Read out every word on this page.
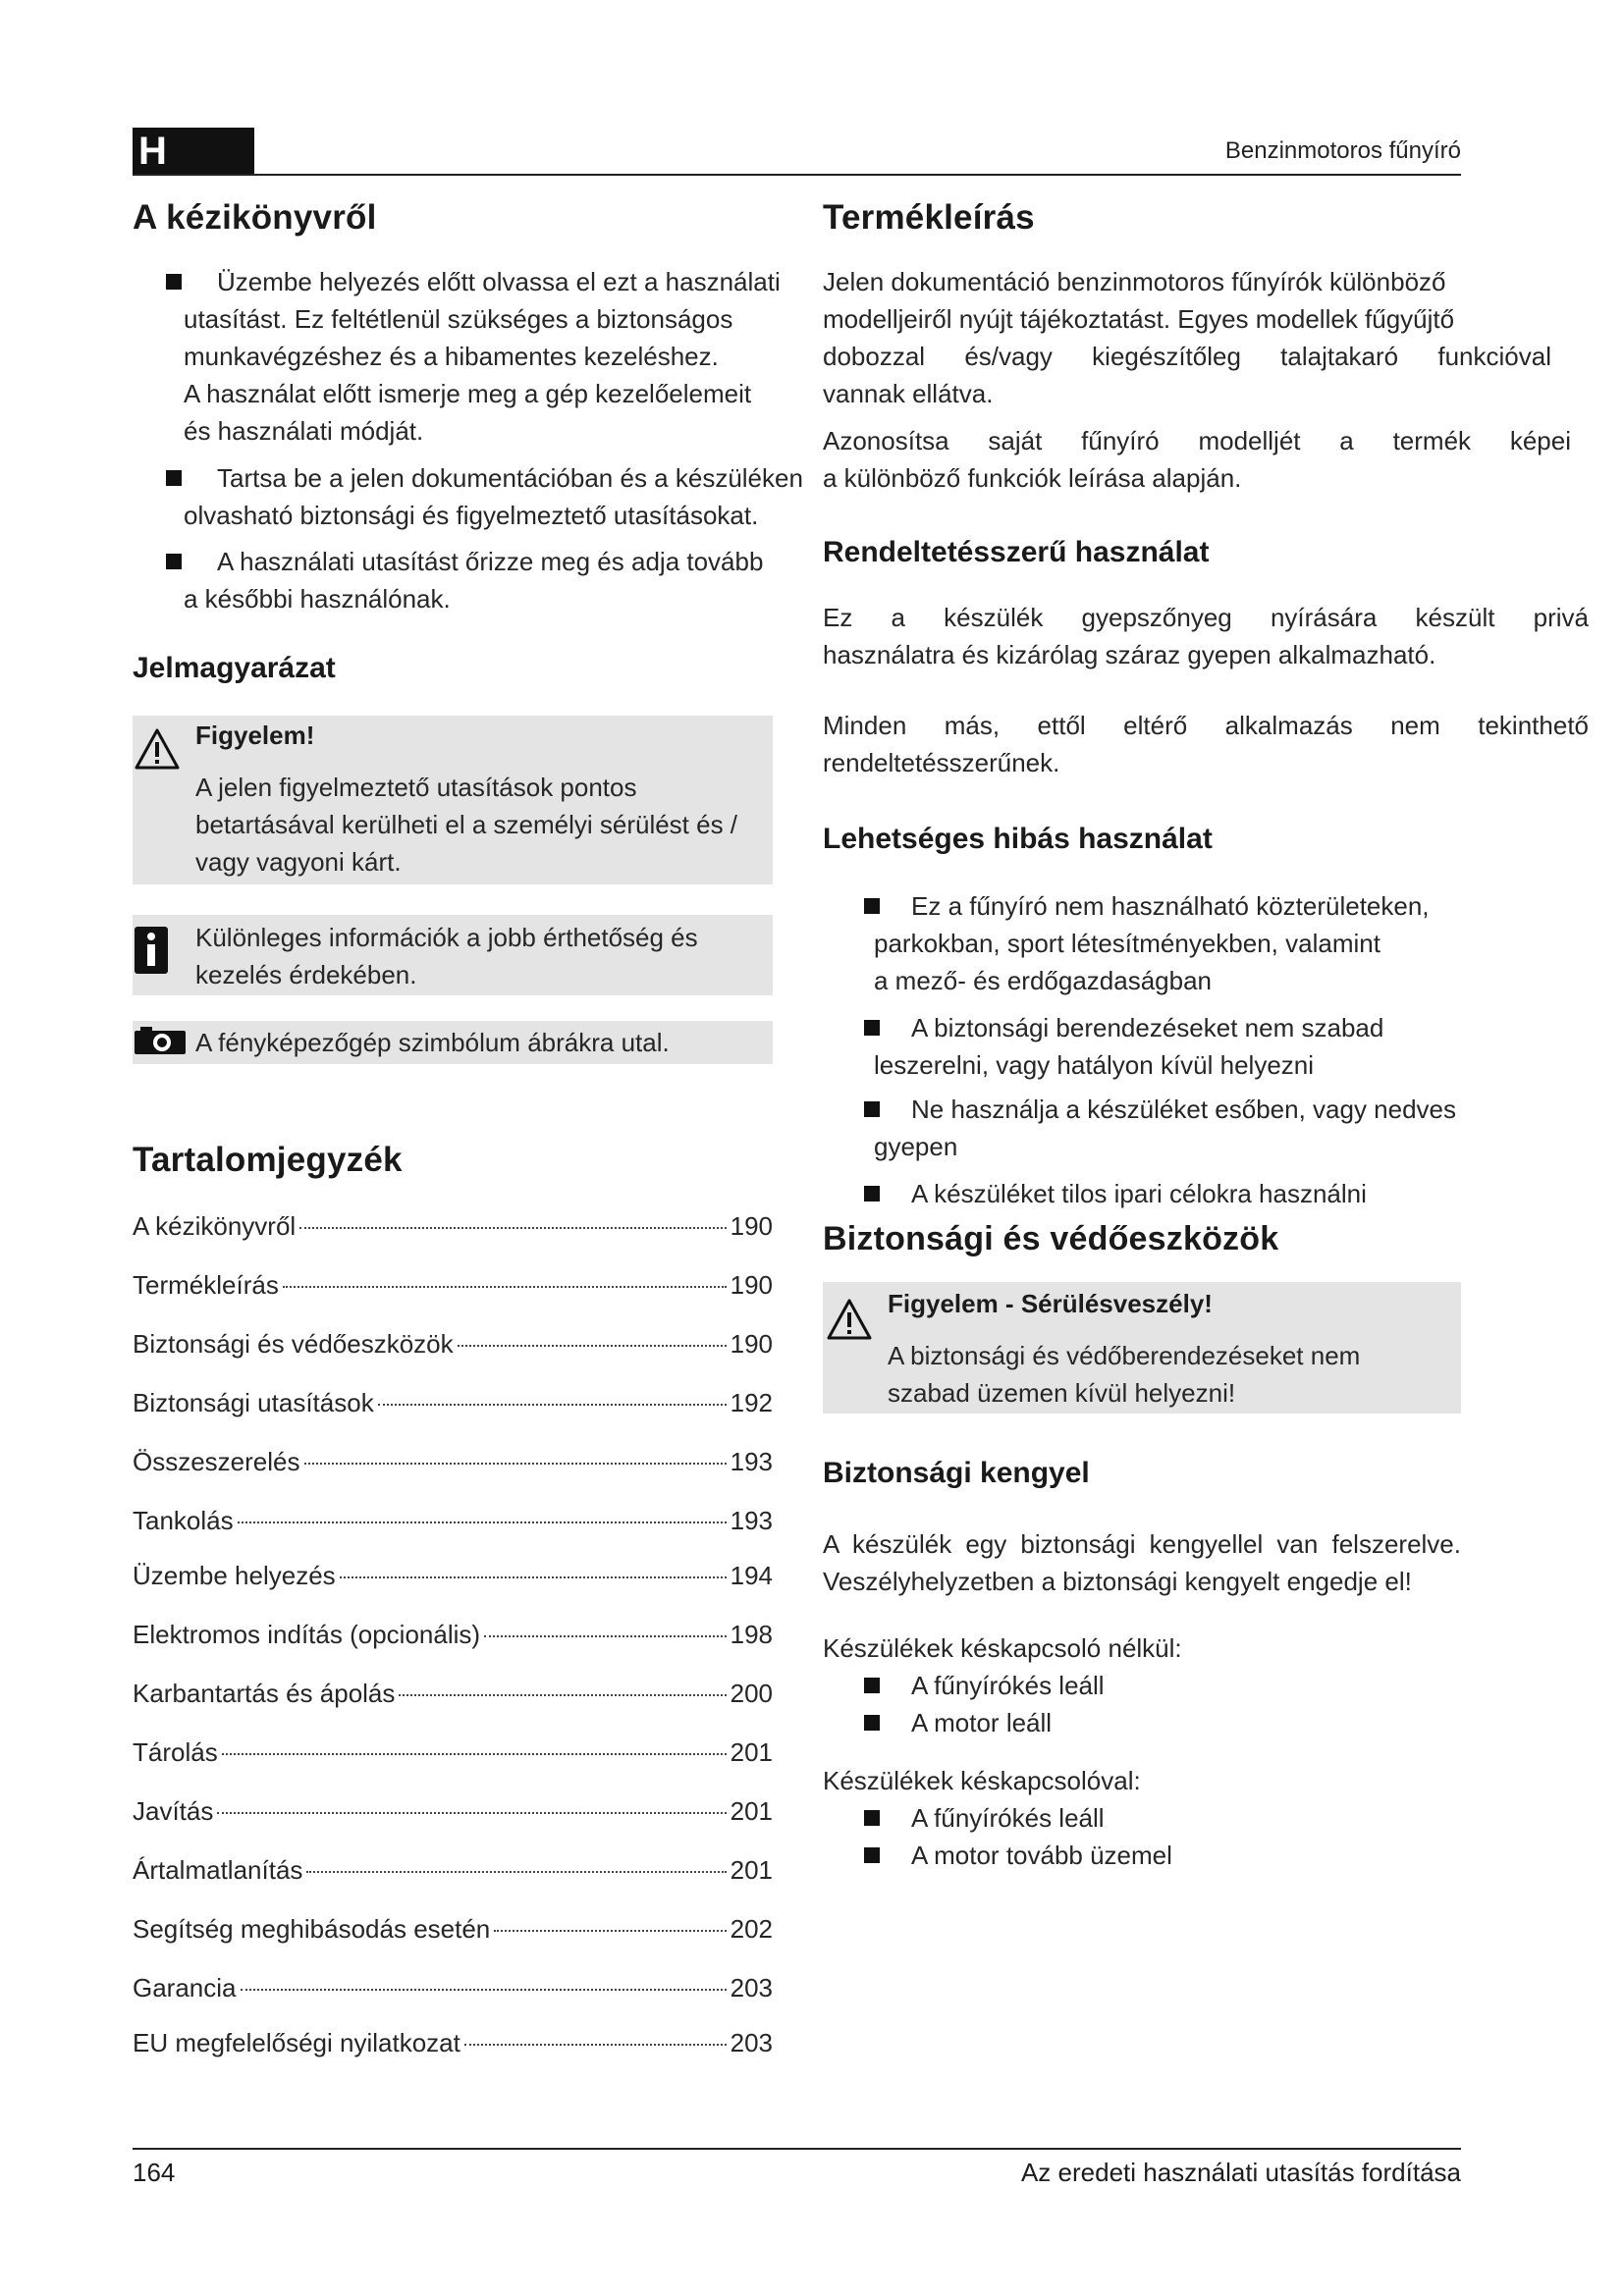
H	Benzinmotoros fűnyíró
A kézikönyvről
Üzembe helyezés előtt olvassa el ezt a használati
utasítást. Ez feltétlenül szükséges a biztonságos
munkavégzéshez és a hibamentes kezeléshez.
A használat előtt ismerje meg a gép kezelőelemeit
és használati módját.
Tartsa be a jelen dokumentációban és a készüléken
olvasható biztonsági és figyelmeztető utasításokat.
A használati utasítást őrizze meg és adja tovább
a későbbi használónak.
Jelmagyarázat
Figyelem!
A jelen figyelmeztető utasítások pontos
betartásával kerülheti el a személyi sérülést és /
vagy vagyoni kárt.
Különleges információk a jobb érthetőség és
kezelés érdekében.
A fényképezőgép szimbólum ábrákra utal.
Tartalomjegyzék
A kézikönyvről	190
Termékleírás	190
Biztonsági és védőeszközök	190
Biztonsági utasítások	192
Összeszerelés	193
Tankolás	193
Üzembe helyezés	194
Elektromos indítás (opcionális)	198
Karbantartás és ápolás	200
Tárolás	201
Javítás	201
Ártalmatlanítás	201
Segítség meghibásodás esetén	202
Garancia	203
EU megfelelőségi nyilatkozat	203
Termékleírás
Jelen dokumentáció benzinmotoros fűnyírók különböző
modelljeiről nyújt tájékoztatást. Egyes modellek fűgyűjtő
dobozzal és/vagy kiegészítőleg talajtakaró funkcióval
vannak ellátva.
Azonosítsa saját fűnyíró modelljét a termék képei
a különböző funkciók leírása alapján.
Rendeltetésszerű használat
Ez a készülék gyepszőnyeg nyírására készült privá
használatra és kizárólag száraz gyepen alkalmazható.
Minden más, ettől eltérő alkalmazás nem tekinthető
rendeltetésszerűnek.
Lehetséges hibás használat
Ez a fűnyíró nem használható közterületeken,
parkokban, sport létesítményekben, valamint
a mező- és erdőgazdaságban
A biztonsági berendezéseket nem szabad
leszerelni, vagy hatályon kívül helyezni
Ne használja a készüléket esőben, vagy nedves
gyepen
A készüléket tilos ipari célokra használni
Biztonsági és védőeszközök
Figyelem - Sérülésveszély!
A biztonsági és védőberendezéseket nem
szabad üzemen kívül helyezni!
Biztonsági kengyel
A készülék egy biztonsági kengyellel van felszerelve.
Veszélyhelyzetben a biztonsági kengyelt engedje el!
Készülékek késkapcsoló nélkül:
A fűnyírókés leáll
A motor leáll
Készülékek késkapcsolóval:
A fűnyírókés leáll
A motor tovább üzemel
164	Az eredeti használati utasítás fordítása
